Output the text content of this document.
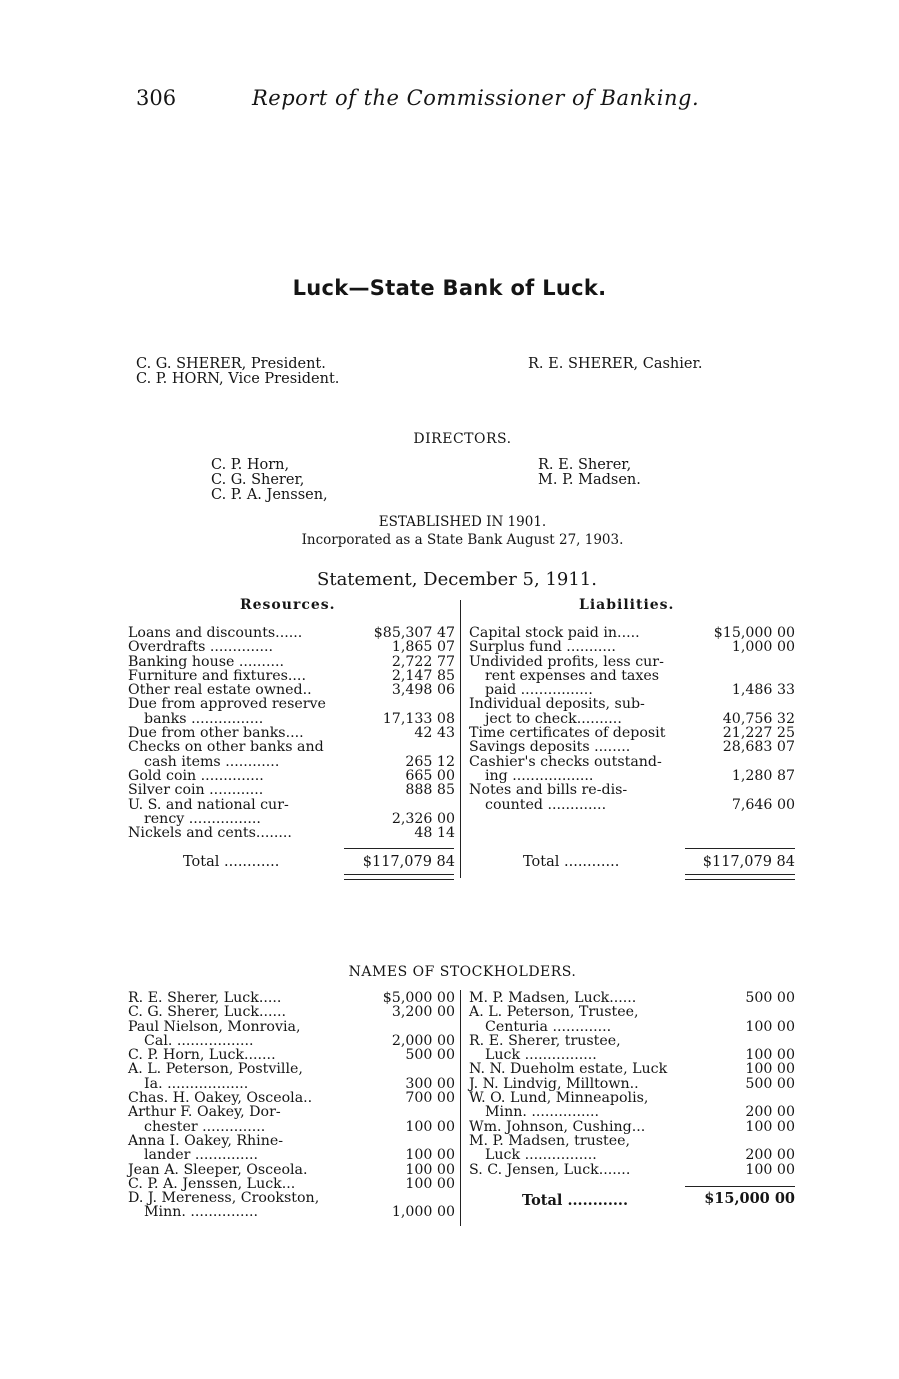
306	Report of the Commissioner of Banking.
Luck—State Bank of Luck.
C. G. SHERER, President.
C. P. HORN, Vice President.
R. E. SHERER, Cashier.
DIRECTORS.
C. P. Horn,
C. G. Sherer,
C. P. A. Jenssen,
R. E. Sherer,
M. P. Madsen.
ESTABLISHED IN 1901.
Incorporated as a State Bank August 27, 1903.
Statement, December 5, 1911.
Resources.	Liabilities.
Loans and discounts......	$85,307 47
Overdrafts ..............	1,865 07
Banking house ..........	2,722 77
Furniture and fixtures....	2,147 85
Other real estate owned..	3,498 06
Due from approved reserve
banks ................	17,133 08
Due from other banks....	42 43
Checks on other banks and
cash items ............	265 12
Gold coin ..............	665 00
Silver coin ............	888 85
U. S. and national cur-
rency ................	2,326 00
Nickels and cents........	48 14
Capital stock paid in.....	$15,000 00
Surplus fund ...........	1,000 00
Undivided profits, less cur-
rent expenses and taxes
paid ................	1,486 33
Individual deposits, sub-
ject to check..........	40,756 32
Time certificates of deposit	21,227 25
Savings deposits ........	28,683 07
Cashier's checks outstand-
ing ..................	1,280 87
Notes and bills re-dis-
counted .............	7,646 00
Total ............	$117,079 84	Total ............	$117,079 84
NAMES OF STOCKHOLDERS.
R. E. Sherer, Luck.....	$5,000 00
C. G. Sherer, Luck......	3,200 00
Paul Nielson, Monrovia,
Cal. .................	2,000 00
C. P. Horn, Luck.......	500 00
A. L. Peterson, Postville,
Ia. ..................	300 00
Chas. H. Oakey, Osceola..	700 00
Arthur F. Oakey, Dor-
chester ..............	100 00
Anna I. Oakey, Rhine-
lander ..............	100 00
Jean A. Sleeper, Osceola.	100 00
C. P. A. Jenssen, Luck...	100 00
D. J. Mereness, Crookston,
Minn. ...............	1,000 00
M. P. Madsen, Luck......	500 00
A. L. Peterson, Trustee,
Centuria .............	100 00
R. E. Sherer, trustee,
Luck ................	100 00
N. N. Dueholm estate, Luck	100 00
J. N. Lindvig, Milltown..	500 00
W. O. Lund, Minneapolis,
Minn. ...............	200 00
Wm. Johnson, Cushing...	100 00
M. P. Madsen, trustee,
Luck ................	200 00
S. C. Jensen, Luck.......	100 00
Total ............	$15,000 00
